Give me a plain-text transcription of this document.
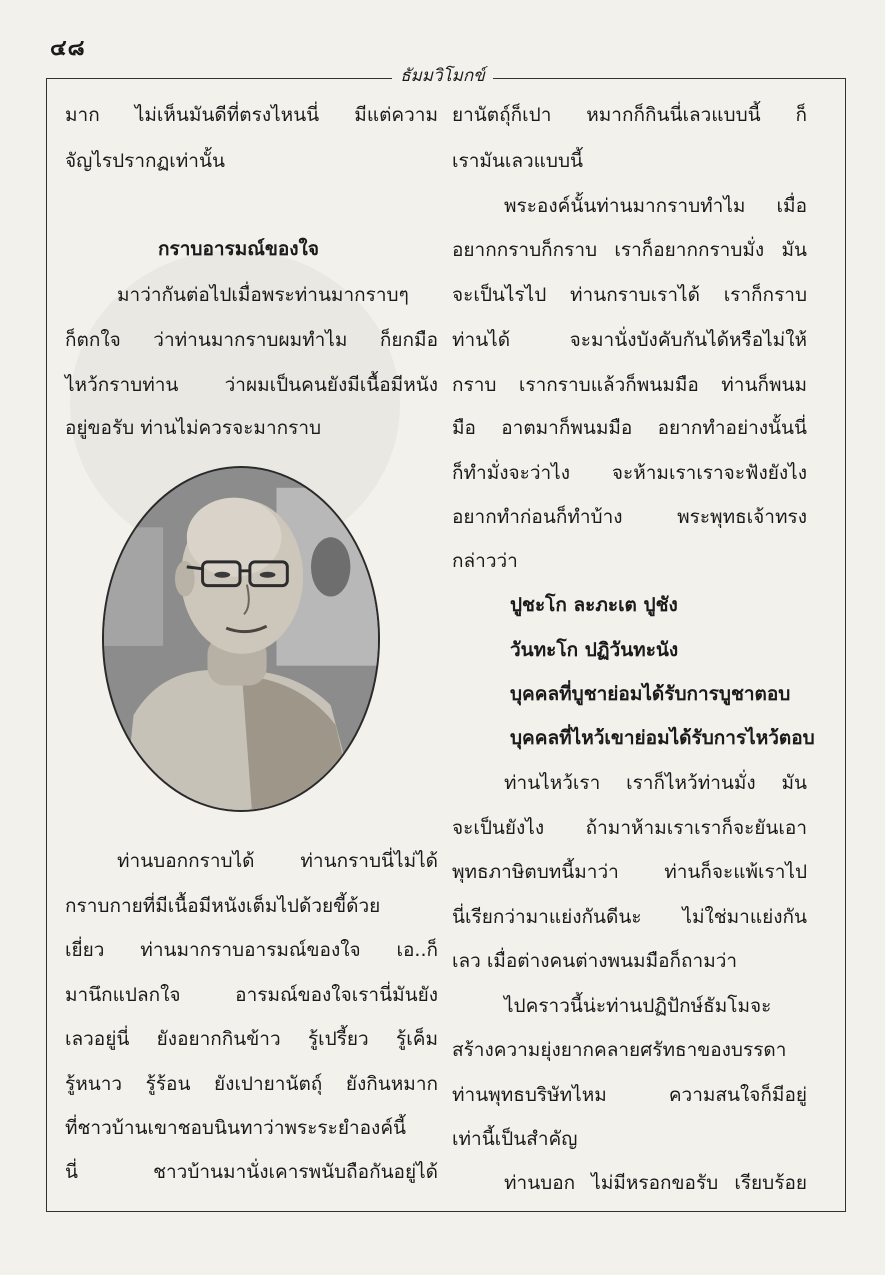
๔๘
ธัมมวิโมกข์
มาก ไม่เห็นมันดีที่ตรงไหนนี่ มีแต่ความ
จัญไรปรากฏเท่านั้น
กราบอารมณ์ของใจ
มาว่ากันต่อไปเมื่อพระท่านมากราบๆ
ก็ตกใจ ว่าท่านมากราบผมทำไม ก็ยกมือ
ไหว้กราบท่าน ว่าผมเป็นคนยังมีเนื้อมีหนัง
อยู่ขอรับ ท่านไม่ควรจะมากราบ
ท่านบอกกราบได้ ท่านกราบนี่ไม่ได้
กราบกายที่มีเนื้อมีหนังเต็มไปด้วยขี้ด้วย
เยี่ยว ท่านมากราบอารมณ์ของใจ เอ..ก็
มานึกแปลกใจ อารมณ์ของใจเรานี่มันยัง
เลวอยู่นี่ ยังอยากกินข้าว รู้เปรี้ยว รู้เค็ม
รู้หนาว รู้ร้อน ยังเปายานัตถุ์ ยังกินหมาก
ที่ชาวบ้านเขาชอบนินทาว่าพระระยำองค์นี้
นี่ ชาวบ้านมานั่งเคารพนับถือกันอยู่ได้
ยานัตถุ์ก็เปา หมากก็กินนี่เลวแบบนี้ ก็
เรามันเลวแบบนี้
พระองค์นั้นท่านมากราบทำไม เมื่อ
อยากกราบก็กราบ เราก็อยากกราบมั่ง มัน
จะเป็นไรไป ท่านกราบเราได้ เราก็กราบ
ท่านได้ จะมานั่งบังคับกันได้หรือไม่ให้
กราบ เรากราบแล้วก็พนมมือ ท่านก็พนม
มือ อาตมาก็พนมมือ อยากทำอย่างนั้นนี่
ก็ทำมั่งจะว่าไง จะห้ามเราเราจะฟังยังไง
อยากทำก่อนก็ทำบ้าง พระพุทธเจ้าทรง
กล่าวว่า
ปูชะโก ละภะเต ปูชัง
วันทะโก ปฏิวันทะนัง
บุคคลที่บูชาย่อมได้รับการบูชาตอบ
บุคคลที่ไหว้เขาย่อมได้รับการไหว้ตอบ
ท่านไหว้เรา เราก็ไหว้ท่านมั่ง มัน
จะเป็นยังไง ถ้ามาห้ามเราเราก็จะยันเอา
พุทธภาษิตบทนี้มาว่า ท่านก็จะแพ้เราไป
นี่เรียกว่ามาแย่งกันดีนะ ไม่ใช่มาแย่งกัน
เลว เมื่อต่างคนต่างพนมมือก็ถามว่า
ไปคราวนี้น่ะท่านปฏิปักษ์ธัมโมจะ
สร้างความยุ่งยากคลายศรัทธาของบรรดา
ท่านพุทธบริษัทไหม ความสนใจก็มีอยู่
เท่านี้เป็นสำคัญ
ท่านบอก ไม่มีหรอกขอรับ เรียบร้อย
